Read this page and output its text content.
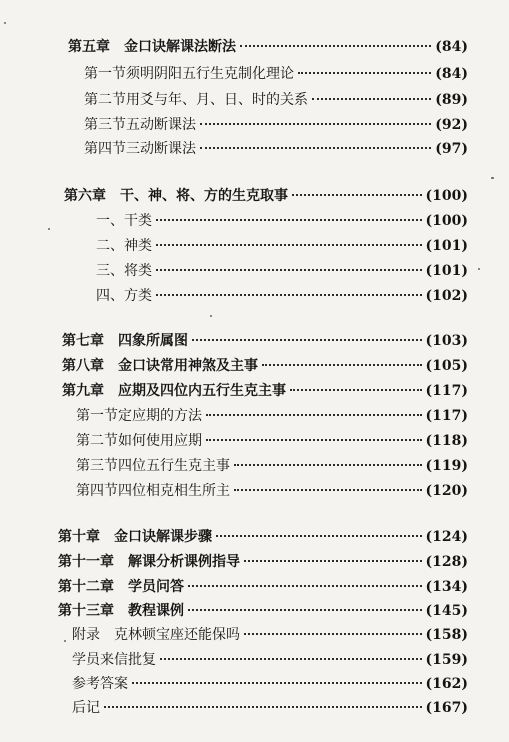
第五章　金口诀解课法断法	(84)
第一节须明阴阳五行生克制化理论	(84)
第二节用爻与年、月、日、时的关系	(89)
第三节五动断课法	(92)
第四节三动断课法	(97)
第六章　干、神、将、方的生克取事	(100)
一、干类	(100)
二、神类	(101)
三、将类	(101)
四、方类	(102)
第七章　四象所属图	(103)
第八章　金口诀常用神煞及主事	(105)
第九章　应期及四位内五行生克主事	(117)
第一节定应期的方法	(117)
第二节如何使用应期	(118)
第三节四位五行生克主事	(119)
第四节四位相克相生所主	(120)
第十章　金口诀解课步骤	(124)
第十一章　解课分析课例指导	(128)
第十二章　学员问答	(134)
第十三章　教程课例	(145)
附录　克林顿宝座还能保吗	(158)
学员来信批复	(159)
参考答案	(162)
后记	(167)
